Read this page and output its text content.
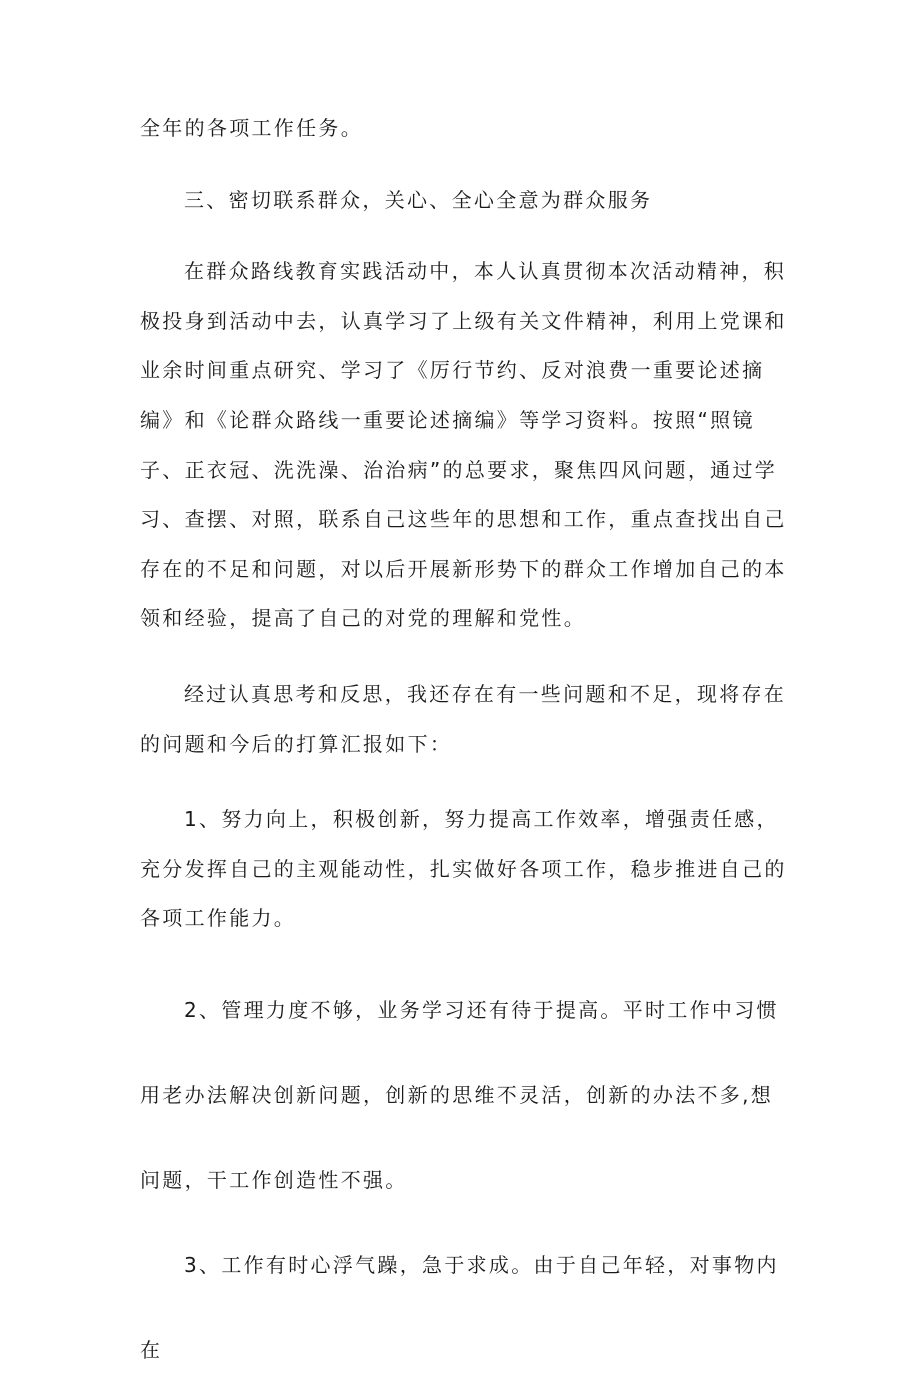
全年的各项工作任务。

三、密切联系群众，关心、全心全意为群众服务

在群众路线教育实践活动中，本人认真贯彻本次活动精神，积极投身到活动中去，认真学习了上级有关文件精神，利用上党课和业余时间重点研究、学习了《厉行节约、反对浪费一重要论述摘编》和《论群众路线一重要论述摘编》等学习资料。按照“照镜子、正衣冠、洗洗澡、治治病”的总要求，聚焦四风问题，通过学习、查摆、对照，联系自己这些年的思想和工作，重点查找出自己存在的不足和问题，对以后开展新形势下的群众工作增加自己的本领和经验，提高了自己的对党的理解和党性。

经过认真思考和反思，我还存在有一些问题和不足，现将存在的问题和今后的打算汇报如下：

1、努力向上，积极创新，努力提高工作效率，增强责任感，充分发挥自己的主观能动性，扎实做好各项工作，稳步推进自己的各项工作能力。

2、管理力度不够，业务学习还有待于提高。平时工作中习惯用老办法解决创新问题，创新的思维不灵活，创新的办法不多,想问题，干工作创造性不强。

3、工作有时心浮气躁，急于求成。由于自己年轻，对事物内在
